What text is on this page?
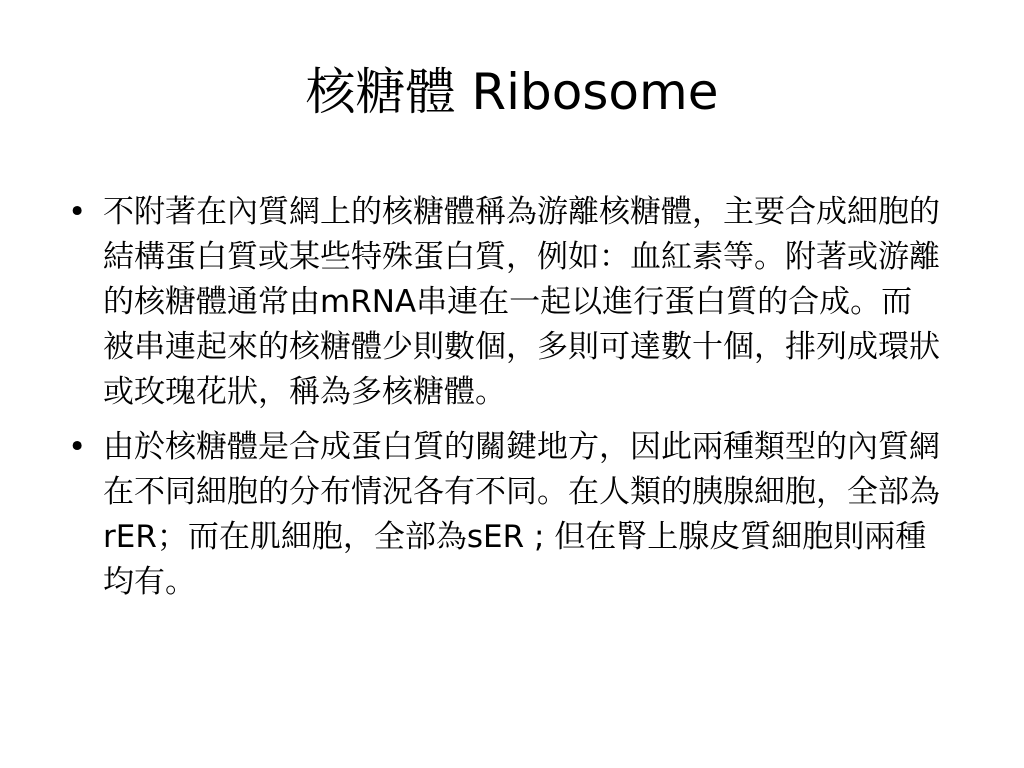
核糖體 Ribosome
• 不附著在內質網上的核糖體稱為游離核糖體，主要合成細胞的結構蛋白質或某些特殊蛋白質，例如：血紅素等。附著或游離的核糖體通常由mRNA串連在一起以進行蛋白質的合成。而被串連起來的核糖體少則數個，多則可達數十個，排列成環狀或玫瑰花狀，稱為多核糖體。
• 由於核糖體是合成蛋白質的關鍵地方，因此兩種類型的內質網在不同細胞的分布情況各有不同。在人類的胰腺細胞，全部為rER；而在肌細胞，全部為sER ; 但在腎上腺皮質細胞則兩種均有。
